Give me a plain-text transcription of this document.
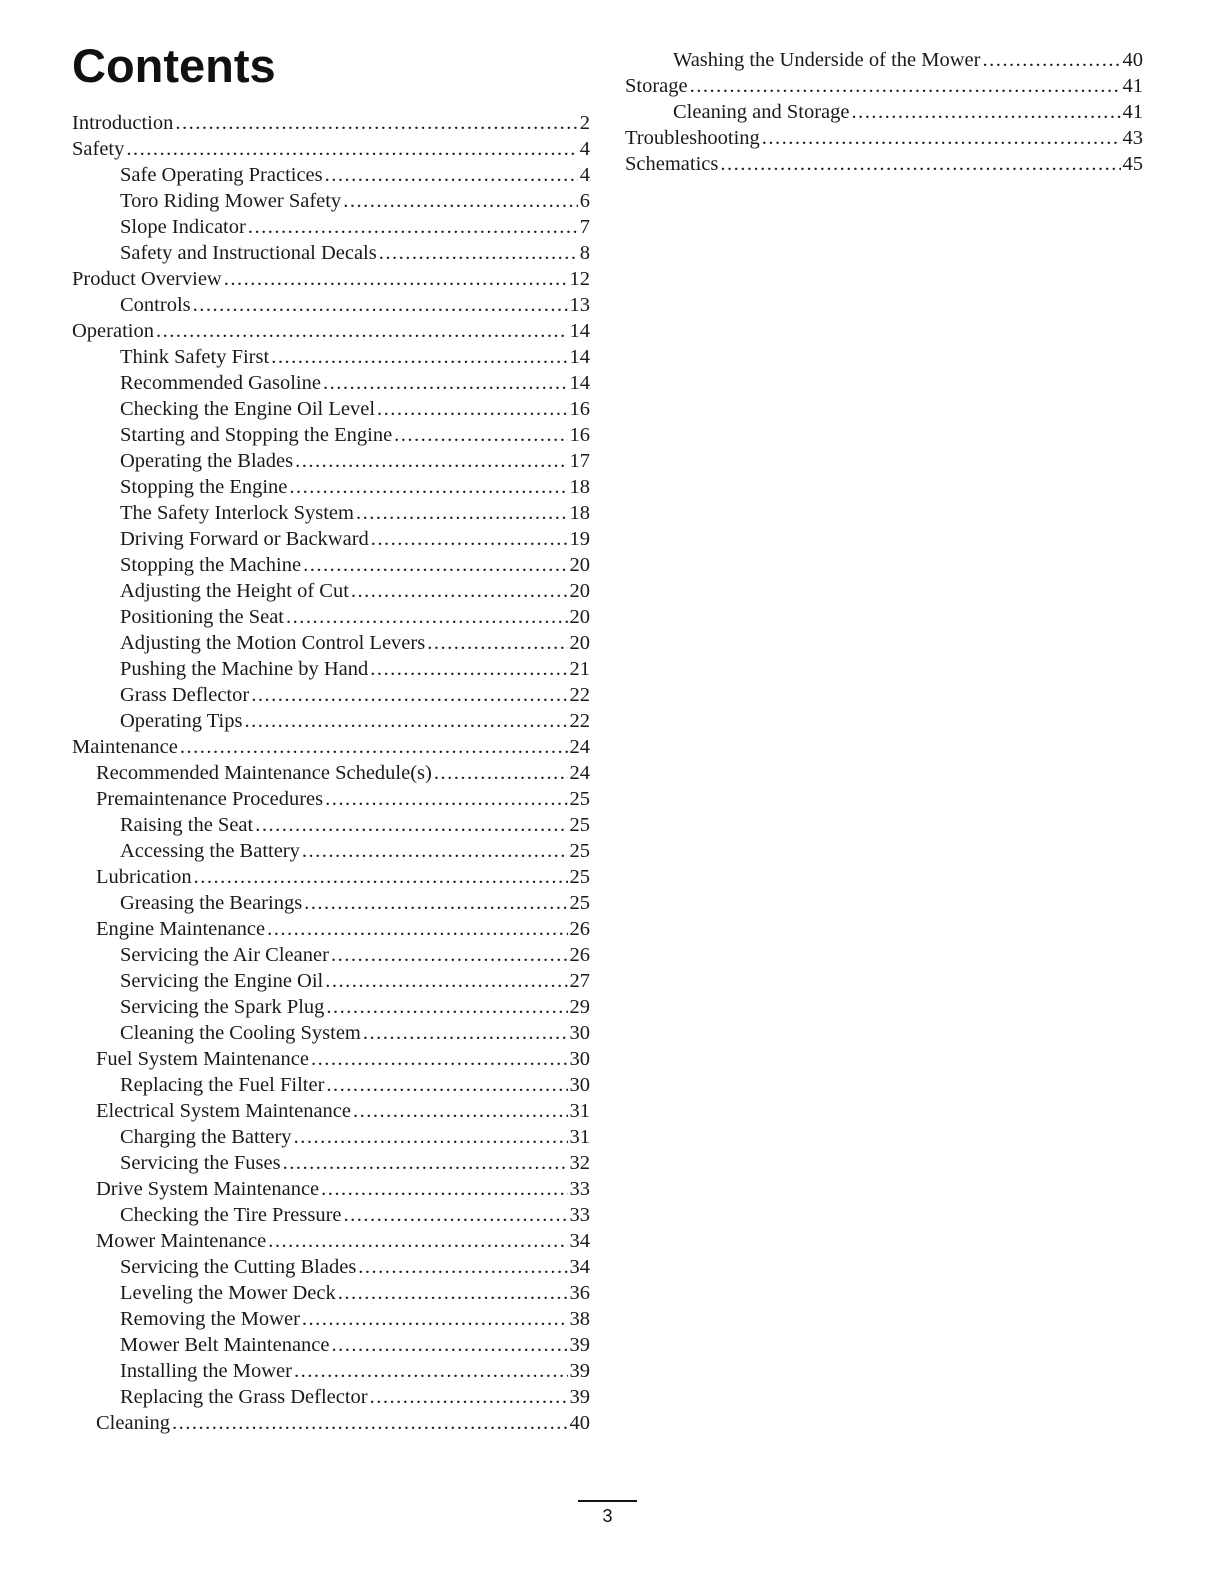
Contents
Introduction .....	2
Safety .....	4
Safe Operating Practices .....	4
Toro Riding Mower Safety .....	6
Slope Indicator .....	7
Safety and Instructional Decals .....	8
Product Overview .....	12
Controls .....	13
Operation .....	14
Think Safety First .....	14
Recommended Gasoline .....	14
Checking the Engine Oil Level .....	16
Starting and Stopping the Engine .....	16
Operating the Blades .....	17
Stopping the Engine .....	18
The Safety Interlock System .....	18
Driving Forward or Backward .....	19
Stopping the Machine .....	20
Adjusting the Height of Cut .....	20
Positioning the Seat .....	20
Adjusting the Motion Control Levers .....	20
Pushing the Machine by Hand .....	21
Grass Deflector .....	22
Operating Tips .....	22
Maintenance .....	24
Recommended Maintenance Schedule(s) .....	24
Premaintenance Procedures .....	25
Raising the Seat .....	25
Accessing the Battery .....	25
Lubrication .....	25
Greasing the Bearings .....	25
Engine Maintenance .....	26
Servicing the Air Cleaner .....	26
Servicing the Engine Oil .....	27
Servicing the Spark Plug .....	29
Cleaning the Cooling System .....	30
Fuel System Maintenance .....	30
Replacing the Fuel Filter .....	30
Electrical System Maintenance .....	31
Charging the Battery .....	31
Servicing the Fuses .....	32
Drive System Maintenance .....	33
Checking the Tire Pressure .....	33
Mower Maintenance .....	34
Servicing the Cutting Blades .....	34
Leveling the Mower Deck .....	36
Removing the Mower .....	38
Mower Belt Maintenance .....	39
Installing the Mower .....	39
Replacing the Grass Deflector .....	39
Cleaning .....	40
Washing the Underside of the Mower .....	40
Storage .....	41
Cleaning and Storage .....	41
Troubleshooting .....	43
Schematics .....	45
3
